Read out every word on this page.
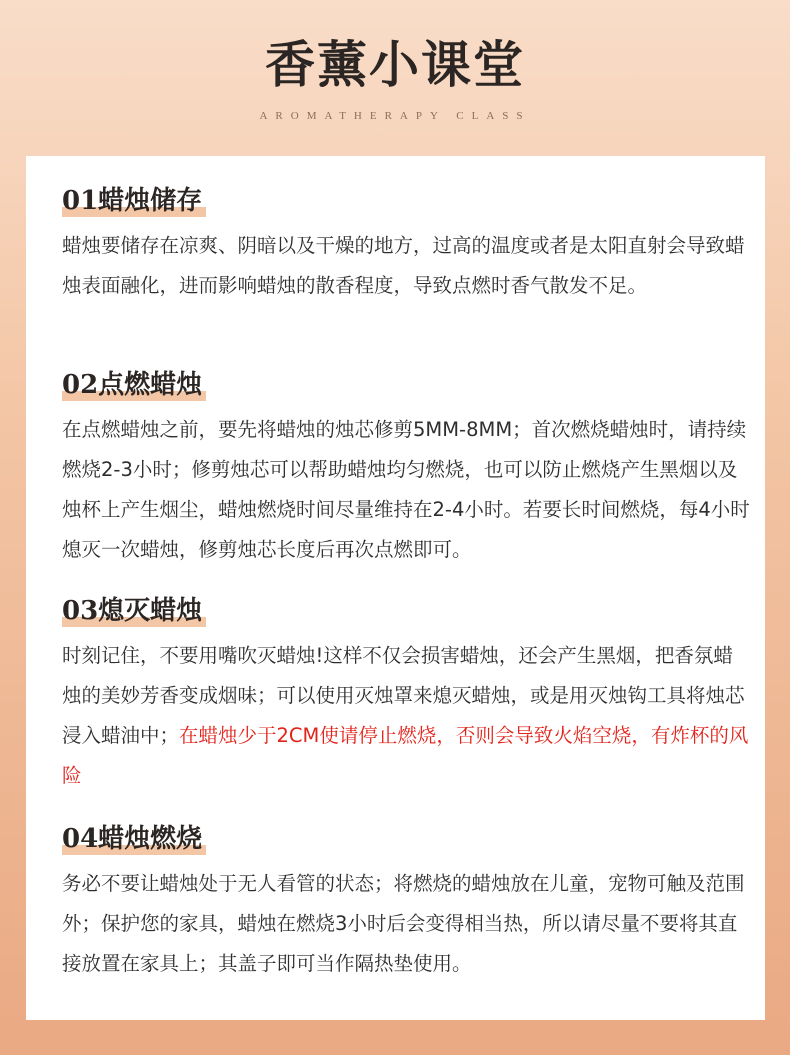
香薰小课堂
AROMATHERAPY CLASS
01蜡烛储存
蜡烛要储存在凉爽、阴暗以及干燥的地方，过高的温度或者是太阳直射会导致蜡烛表面融化，进而影响蜡烛的散香程度，导致点燃时香气散发不足。
02点燃蜡烛
在点燃蜡烛之前，要先将蜡烛的烛芯修剪5MM-8MM；首次燃烧蜡烛时，请持续燃烧2-3小时；修剪烛芯可以帮助蜡烛均匀燃烧，也可以防止燃烧产生黑烟以及烛杯上产生烟尘，蜡烛燃烧时间尽量维持在2-4小时。若要长时间燃烧，每4小时熄灭一次蜡烛，修剪烛芯长度后再次点燃即可。
03熄灭蜡烛
时刻记住，不要用嘴吹灭蜡烛!这样不仅会损害蜡烛，还会产生黑烟，把香氛蜡烛的美妙芳香变成烟味；可以使用灭烛罩来熄灭蜡烛，或是用灭烛钩工具将烛芯浸入蜡油中；在蜡烛少于2CM使请停止燃烧，否则会导致火焰空烧，有炸杯的风险
04蜡烛燃烧
务必不要让蜡烛处于无人看管的状态；将燃烧的蜡烛放在儿童，宠物可触及范围外；保护您的家具，蜡烛在燃烧3小时后会变得相当热，所以请尽量不要将其直接放置在家具上；其盖子即可当作隔热垫使用。
